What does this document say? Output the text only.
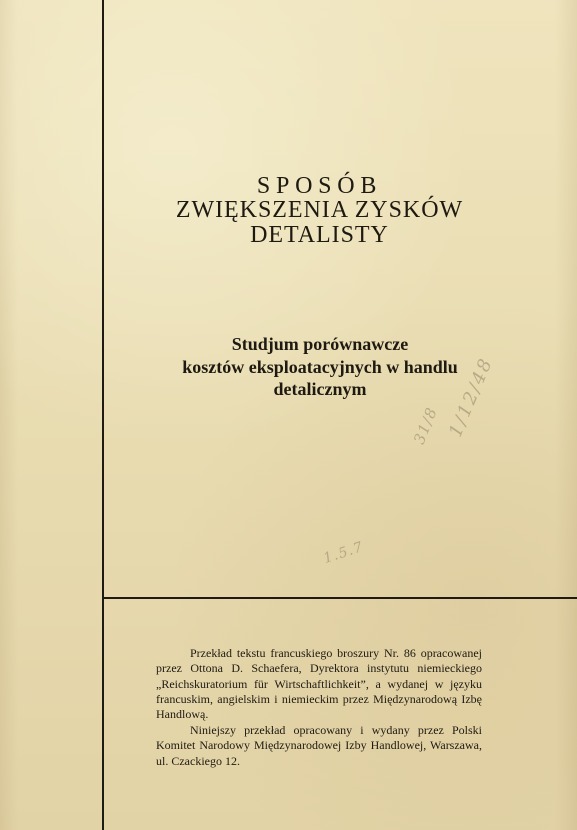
SPOSÓB

ZWIĘKSZENIA ZYSKÓW

DETALISTY

Studjum porównawcze
kosztów eksploatacyjnych w handlu
detalicznym	1/12/48
31/8
1.5.7

Przekład tekstu francuskiego broszury Nr. 86 opracowanej przez Ottona D. Schaefera, Dyrektora instytutu niemieckiego „Reichskuratorium für Wirtschaftlichkeit”, a wydanej w języku francuskim, angielskim i niemieckim przez Międzynarodową Izbę Handlową.

Niniejszy przekład opracowany i wydany przez Polski Komitet Narodowy Międzynarodowej Izby Handlowej, Warszawa, ul. Czackiego 12.
